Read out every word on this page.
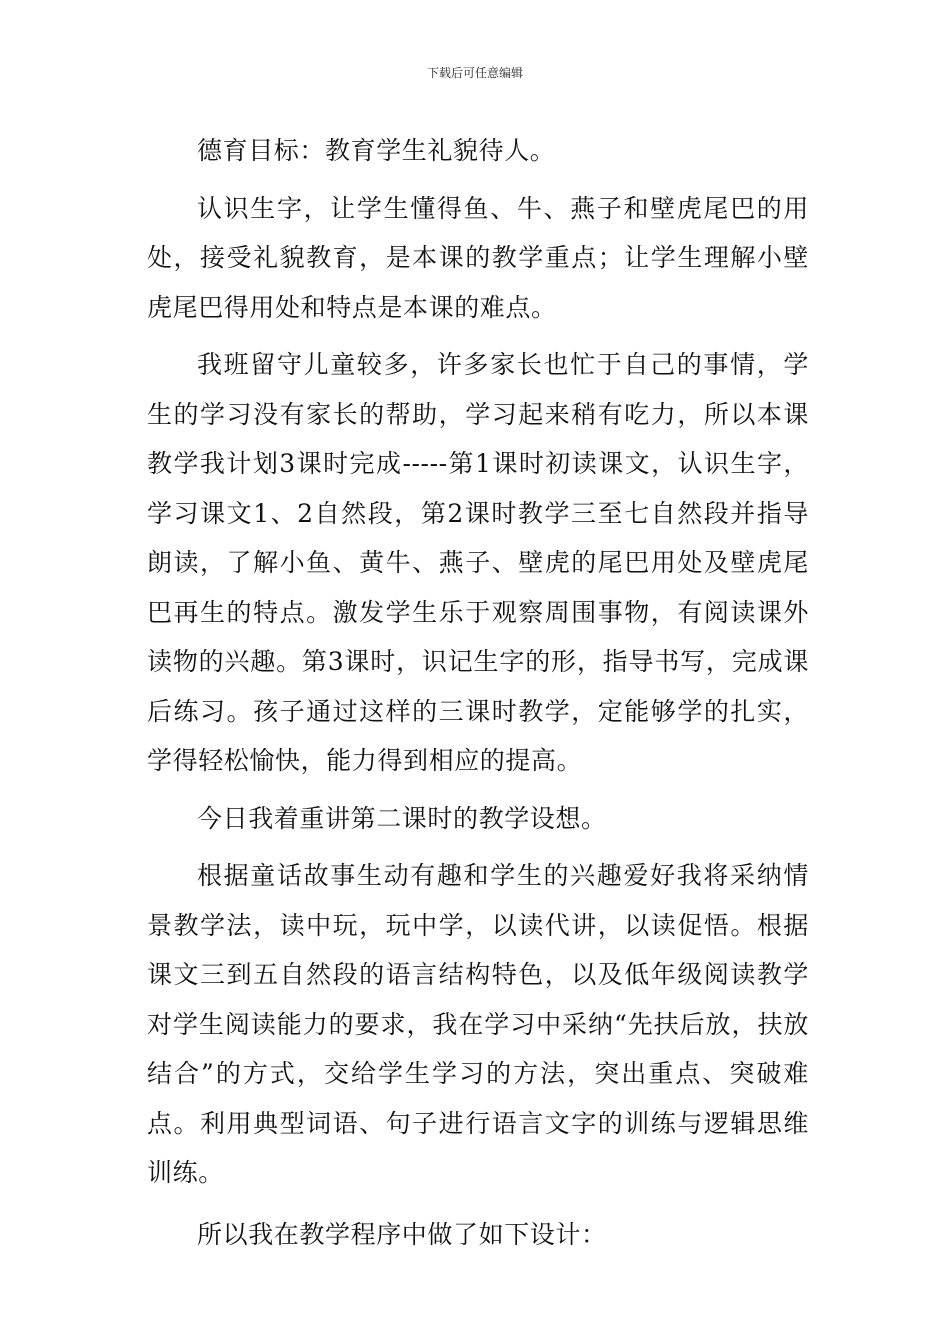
下载后可任意编辑

德育目标：教育学生礼貌待人。

认识生字，让学生懂得鱼、牛、燕子和壁虎尾巴的用处，接受礼貌教育，是本课的教学重点；让学生理解小壁虎尾巴得用处和特点是本课的难点。

我班留守儿童较多，许多家长也忙于自己的事情，学生的学习没有家长的帮助，学习起来稍有吃力，所以本课教学我计划3课时完成-----第1课时初读课文，认识生字，学习课文1、2自然段，第2课时教学三至七自然段并指导朗读，了解小鱼、黄牛、燕子、壁虎的尾巴用处及壁虎尾巴再生的特点。激发学生乐于观察周围事物，有阅读课外读物的兴趣。第3课时，识记生字的形，指导书写，完成课后练习。孩子通过这样的三课时教学，定能够学的扎实，学得轻松愉快，能力得到相应的提高。

今日我着重讲第二课时的教学设想。

根据童话故事生动有趣和学生的兴趣爱好我将采纳情景教学法，读中玩，玩中学，以读代讲，以读促悟。根据课文三到五自然段的语言结构特色，以及低年级阅读教学对学生阅读能力的要求，我在学习中采纳“先扶后放，扶放结合”的方式，交给学生学习的方法，突出重点、突破难点。利用典型词语、句子进行语言文字的训练与逻辑思维训练。

所以我在教学程序中做了如下设计：
